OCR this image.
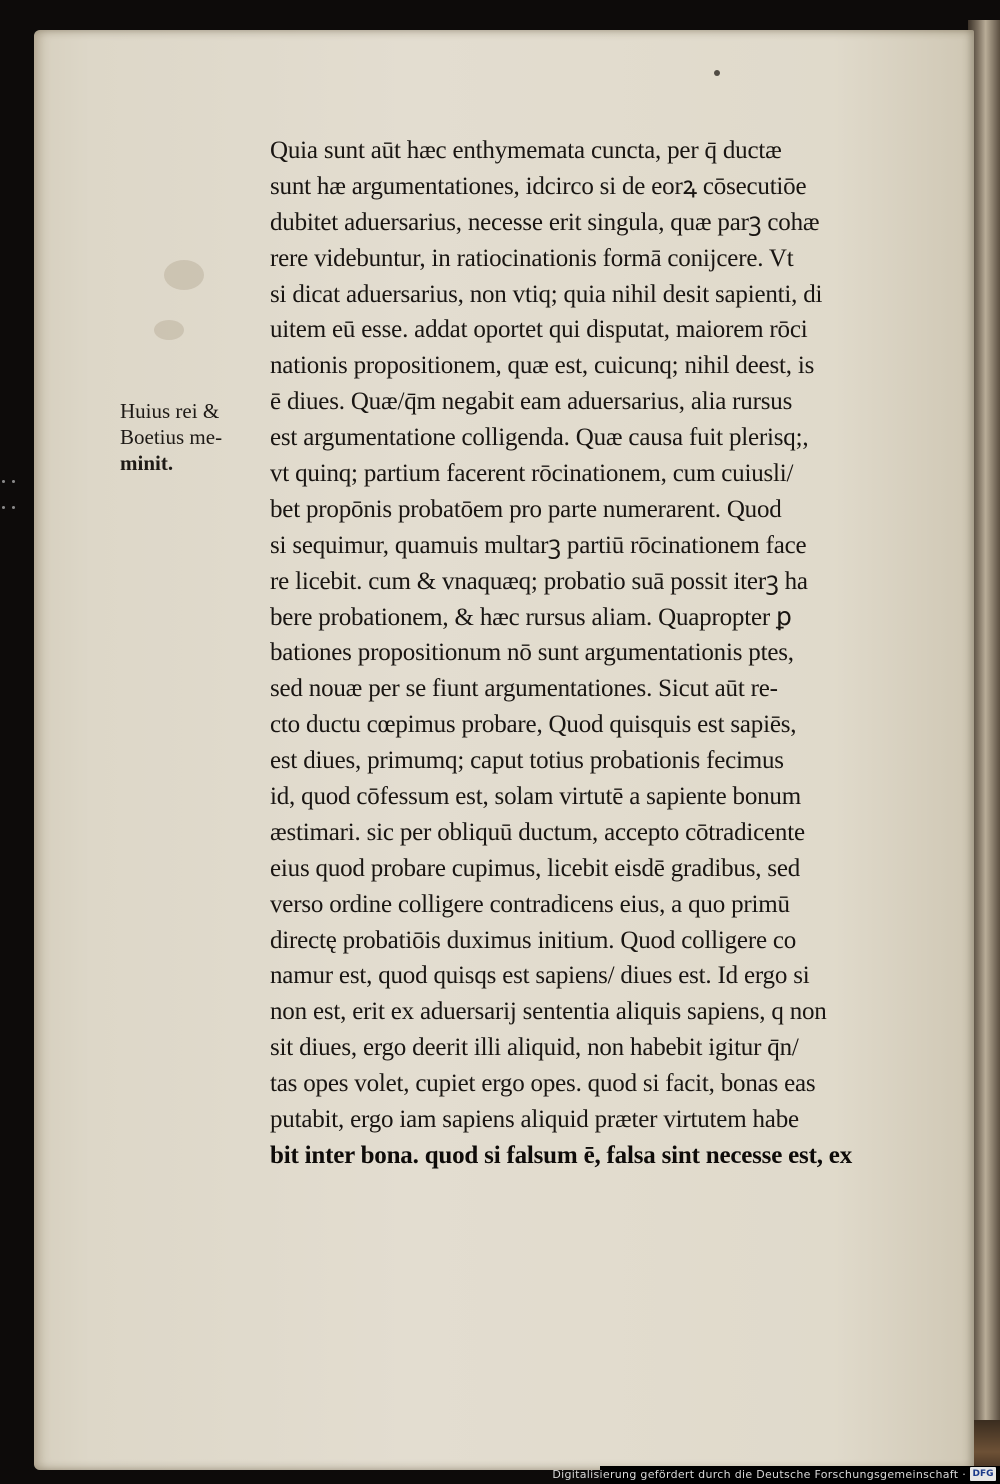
Huius rei &
Boetius me-
minit.
Quia sunt aūt hæc enthymemata cuncta, per q̄ ductæ
sunt hæ argumentationes, idcirco si de eorꝝ cōsecutiōe
dubitet aduersarius, necesse erit singula, quæ parꝫ cohæ
rere videbuntur, in ratiocinationis formā conijcere. Vt
si dicat aduersarius, non vtiq; quia nihil desit sapienti, di
uitem eū esse. addat oportet qui disputat, maiorem rōci
nationis propositionem, quæ est, cuicunq; nihil deest, is
ē diues. Quæ/q̄m negabit eam aduersarius, alia rursus
est argumentatione colligenda. Quæ causa fuit plerisq;,
vt quinq; partium facerent rōcinationem, cum cuiusli/
bet propōnis probatōem pro parte numerarent. Quod
si sequimur, quamuis multarꝫ partiū rōcinationem face
re licebit. cum & vnaquæq; probatio suā possit iterꝫ ha
bere probationem, & hæc rursus aliam. Quapropter ꝑ
bationes propositionum nō sunt argumentationis ptes,
sed nouæ per se fiunt argumentationes. Sicut aūt re-
cto ductu cœpimus probare, Quod quisquis est sapiēs,
est diues, primumq; caput totius probationis fecimus
id, quod cōfessum est, solam virtutē a sapiente bonum
æstimari. sic per obliquū ductum, accepto cōtradicente
eius quod probare cupimus, licebit eisdē gradibus, sed
verso ordine colligere contradicens eius, a quo primū
directę probatiōis duximus initium. Quod colligere co
namur est, quod quisqs est sapiens/ diues est. Id ergo si
non est, erit ex aduersarij sententia aliquis sapiens, q non
sit diues, ergo deerit illi aliquid, non habebit igitur q̄n/
tas opes volet, cupiet ergo opes. quod si facit, bonas eas
putabit, ergo iam sapiens aliquid præter virtutem habe
bit inter bona. quod si falsum ē, falsa sint necesse est, ex
Digitalisierung gefördert durch die Deutsche Forschungsgemeinschaft · DFG
